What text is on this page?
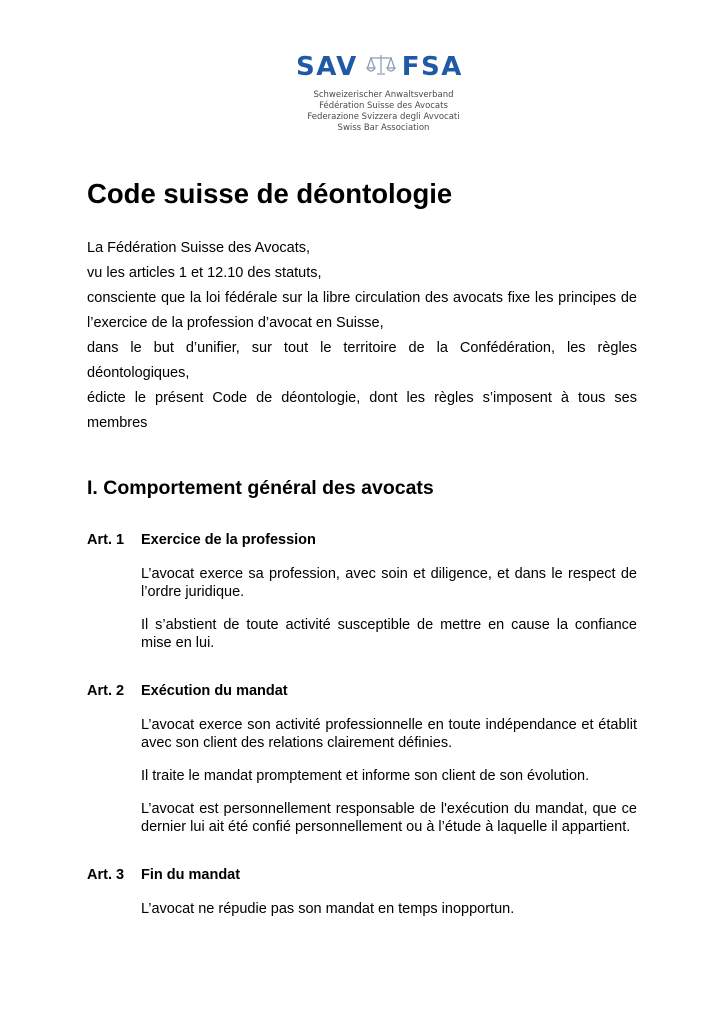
SAV FSA
Schweizerischer Anwaltsverband
Fédération Suisse des Avocats
Federazione Svizzera degli Avvocati
Swiss Bar Association
Code suisse de déontologie
La Fédération Suisse des Avocats,
vu les articles 1 et 12.10 des statuts,
consciente que la loi fédérale sur la libre circulation des avocats fixe les principes de
l’exercice de la profession d’avocat en Suisse,
dans le but d’unifier, sur tout le territoire de la Confédération, les règles
déontologiques,
édicte le présent Code de déontologie, dont les règles s’imposent à tous ses
membres
I. Comportement général des avocats
Art. 1 Exercice de la profession
L’avocat exerce sa profession, avec soin et diligence, et dans le respect de
l’ordre juridique.
Il s’abstient de toute activité susceptible de mettre en cause la confiance
mise en lui.
Art. 2 Exécution du mandat
L’avocat exerce son activité professionnelle en toute indépendance et établit
avec son client des relations clairement définies.
Il traite le mandat promptement et informe son client de son évolution.
L’avocat est personnellement responsable de l'exécution du mandat, que ce
dernier lui ait été confié personnellement ou à l’étude à laquelle il appartient.
Art. 3 Fin du mandat
L’avocat ne répudie pas son mandat en temps inopportun.
